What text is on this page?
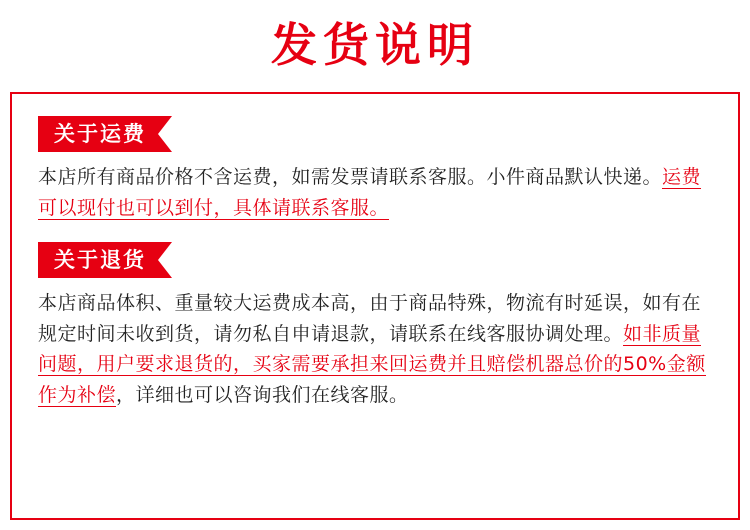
发货说明
关于运费

本店所有商品价格不含运费，如需发票请联系客服。小件商品默认快递。运费可以现付也可以到付，具体请联系客服。

关于退货

本店商品体积、重量较大运费成本高，由于商品特殊，物流有时延误，如有在规定时间未收到货，请勿私自申请退款，请联系在线客服协调处理。如非质量问题，用户要求退货的，买家需要承担来回运费并且赔偿机器总价的50%金额作为补偿，详细也可以咨询我们在线客服。
